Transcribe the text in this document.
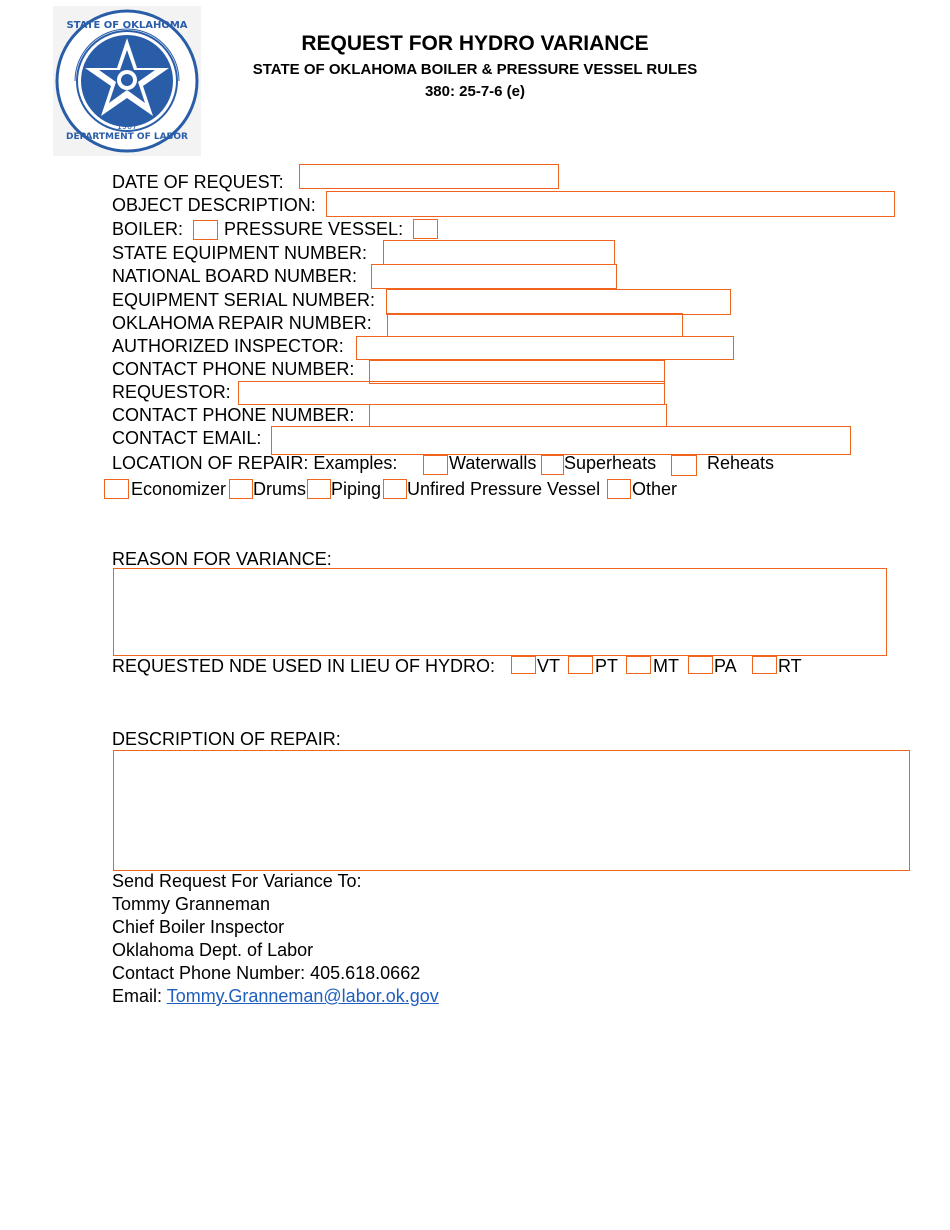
STATE OF OKLAHOMA
DEPARTMENT OF LABOR
1907
REQUEST FOR HYDRO VARIANCE
STATE OF OKLAHOMA BOILER & PRESSURE VESSEL RULES
380: 25-7-6 (e)
DATE OF REQUEST:
OBJECT DESCRIPTION:
BOILER: PRESSURE VESSEL:
STATE EQUIPMENT NUMBER:
NATIONAL BOARD NUMBER:
EQUIPMENT SERIAL NUMBER:
OKLAHOMA REPAIR NUMBER:
AUTHORIZED INSPECTOR:
CONTACT PHONE NUMBER:
REQUESTOR:
CONTACT PHONE NUMBER:
CONTACT EMAIL:
LOCATION OF REPAIR: Examples:	Waterwalls Superheats	Reheats
Economizer Drums Piping Unfired Pressure Vessel Other
REASON FOR VARIANCE:
REQUESTED NDE USED IN LIEU OF HYDRO: VT PT MT PA RT
DESCRIPTION OF REPAIR:
Send Request For Variance To:
Tommy Granneman
Chief Boiler Inspector
Oklahoma Dept. of Labor
Contact Phone Number: 405.618.0662
Email: Tommy.Granneman@labor.ok.gov
